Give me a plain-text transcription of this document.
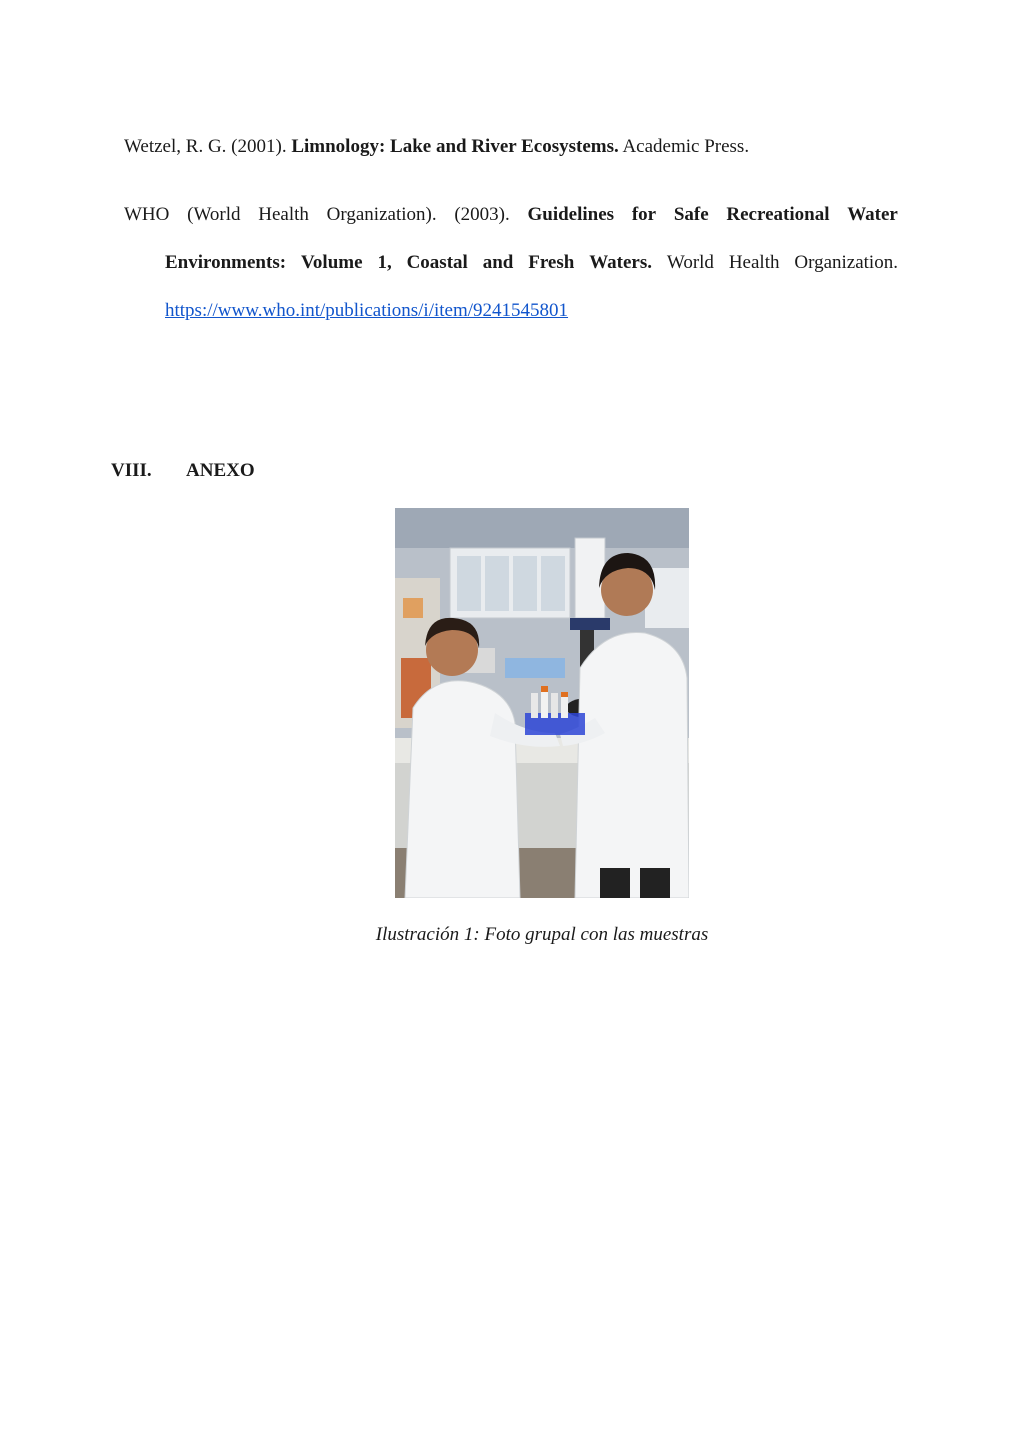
Wetzel, R. G. (2001). Limnology: Lake and River Ecosystems. Academic Press.
WHO (World Health Organization). (2003). Guidelines for Safe Recreational Water
Environments: Volume 1, Coastal and Fresh Waters. World Health Organization.
https://www.who.int/publications/i/item/9241545801
VIII. ANEXO
Ilustración 1: Foto grupal con las muestras
